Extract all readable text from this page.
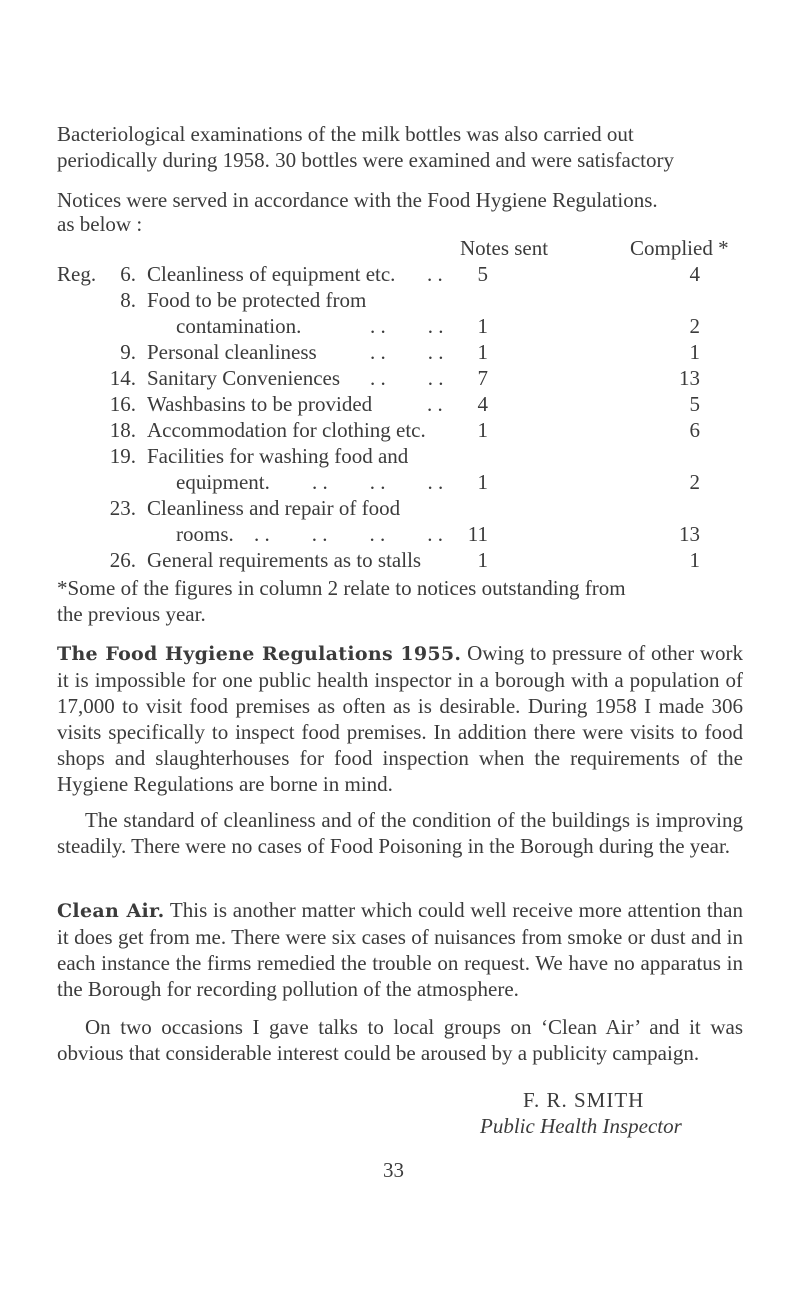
Bacteriological examinations of the milk bottles was also carried out
periodically during 1958. 30 bottles were examined and were satisfactory
Notices were served in accordance with the Food Hygiene Regulations.
as below :
Notes sent	Complied *
Reg.	6. Cleanliness of equipment etc. . .	5	4
8. Food to be protected from
contamination.	. .        . .	1	2
9. Personal cleanliness	. .        . .	1	1
14. Sanitary Conveniences . .        . .	7	13
16. Washbasins to be provided	. .	4	5
18. Accommodation for clothing etc.	1	6
19. Facilities for washing food and
equipment. . .        . .        . .	1	2
23. Cleanliness and repair of food
rooms. . .        . .        . .        . .	11	13
26. General requirements as to stalls	1	1
*Some of the figures in column 2 relate to notices outstanding from
the previous year.

The Food Hygiene Regulations 1955. Owing to pressure of other work it is impossible for one public health inspector in a borough with a population of 17,000 to visit food premises as often as is desirable. During 1958 I made 306 visits specifically to inspect food premises. In addition there were visits to food shops and slaughterhouses for food inspection when the requirements of the Hygiene Regulations are borne in mind.

The standard of cleanliness and of the condition of the buildings is improving steadily. There were no cases of Food Poisoning in the Borough during the year.

Clean Air. This is another matter which could well receive more attention than it does get from me. There were six cases of nuisances from smoke or dust and in each instance the firms remedied the trouble on request. We have no apparatus in the Borough for recording pollution of the atmosphere.

On two occasions I gave talks to local groups on ‘Clean Air’ and it was obvious that considerable interest could be aroused by a publicity campaign.

F. R. SMITH
Public Health Inspector
33
